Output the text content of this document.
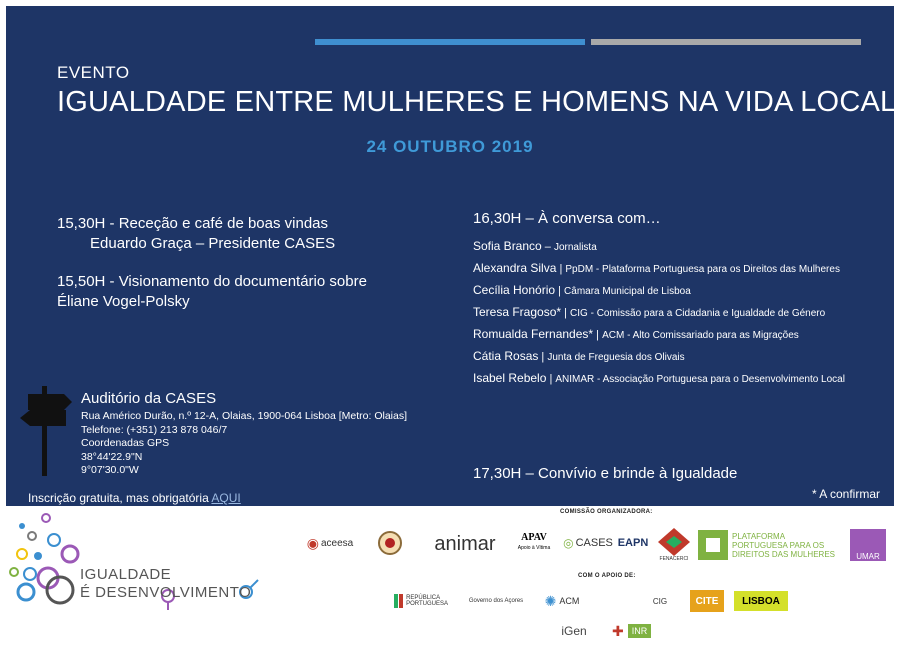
EVENTO
IGUALDADE ENTRE MULHERES E HOMENS NA VIDA LOCAL
24 OUTUBRO 2019
15,30H - Receção e café de boas vindas
Eduardo Graça – Presidente CASES
15,50H - Visionamento do documentário sobre
Éliane Vogel-Polsky
16,30H – À conversa com…
Sofia Branco – Jornalista
Alexandra Silva | PpDM - Plataforma Portuguesa para os Direitos das Mulheres
Cecília Honório | Câmara Municipal de Lisboa
Teresa Fragoso* | CIG - Comissão para a Cidadania e Igualdade de Género
Romualda Fernandes* | ACM - Alto Comissariado para as Migrações
Cátia Rosas | Junta de Freguesia dos Olivais
Isabel Rebelo | ANIMAR - Associação Portuguesa para o Desenvolvimento Local
17,30H – Convívio e brinde à Igualdade
* A confirmar
Auditório da CASES
Rua Américo Durão, n.º 12-A, Olaias, 1900-064 Lisboa [Metro: Olaias]
Telefone: (+351) 213 878 046/7
Coordenadas GPS
38°44'22.9"N
9°07'30.0"W
Inscrição gratuita, mas obrigatória AQUI
IGUALDADE
É DESENVOLVIMENTO
COMISSÃO ORGANIZADORA:
◉ aceesa	animar	APAV
Apoio à Vítima ◎ CASES EAPN
FENACERCI
PLATAFORMA PORTUGUESA PARA OS DIREITOS DAS MULHERES	UMAR
COM O APOIO DE:
REPÚBLICA PORTUGUESA	Governo dos Açores ✺ ACM	CIG	CITE LISBOA
iGen ✚ INR
